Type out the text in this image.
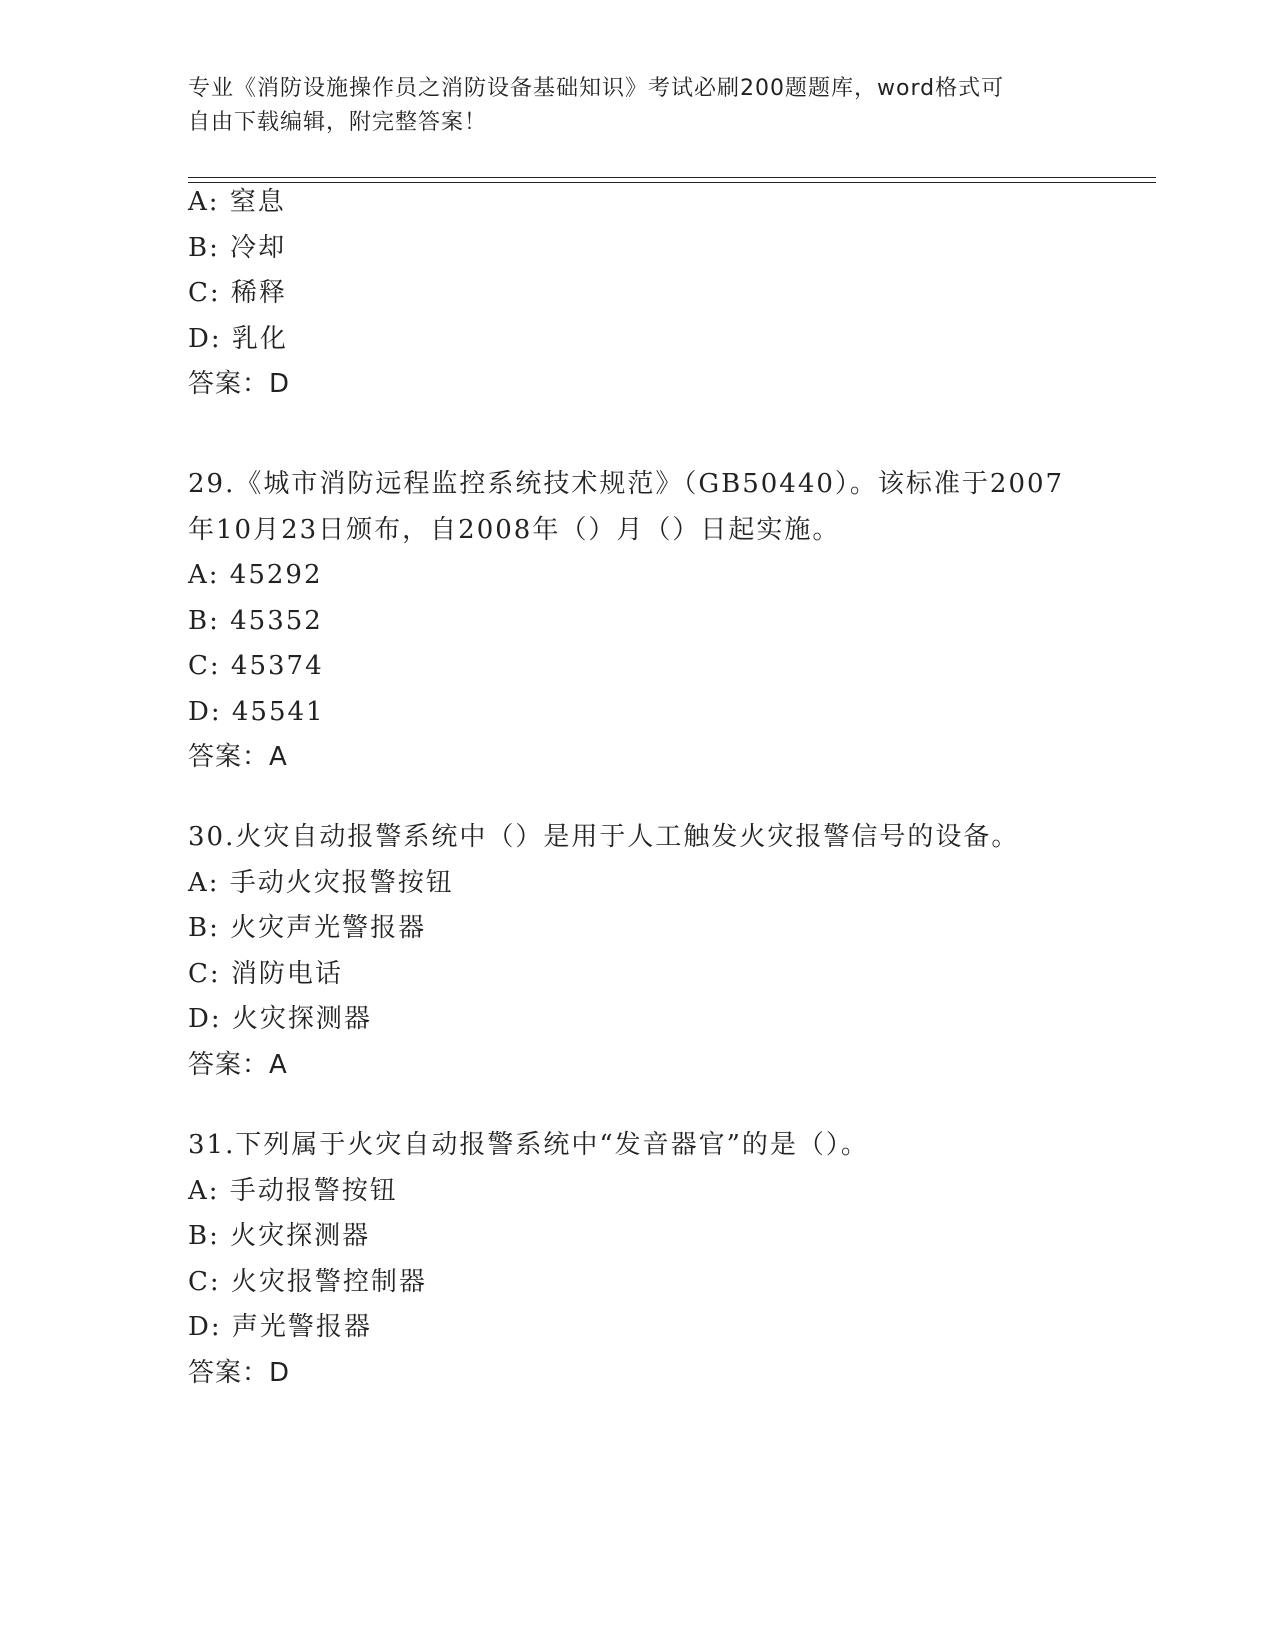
专业《消防设施操作员之消防设备基础知识》考试必刷200题题库，word格式可
自由下载编辑，附完整答案！
A: 窒息
B: 冷却
C: 稀释
D: 乳化
答案：D
29.《城市消防远程监控系统技术规范》（GB50440）。该标准于2007
年10月23日颁布，自2008年（）月（）日起实施。
A: 45292
B: 45352
C: 45374
D: 45541
答案：A
30.火灾自动报警系统中（）是用于人工触发火灾报警信号的设备。
A: 手动火灾报警按钮
B: 火灾声光警报器
C: 消防电话
D: 火灾探测器
答案：A
31.下列属于火灾自动报警系统中“发音器官”的是（）。
A: 手动报警按钮
B: 火灾探测器
C: 火灾报警控制器
D: 声光警报器
答案：D
